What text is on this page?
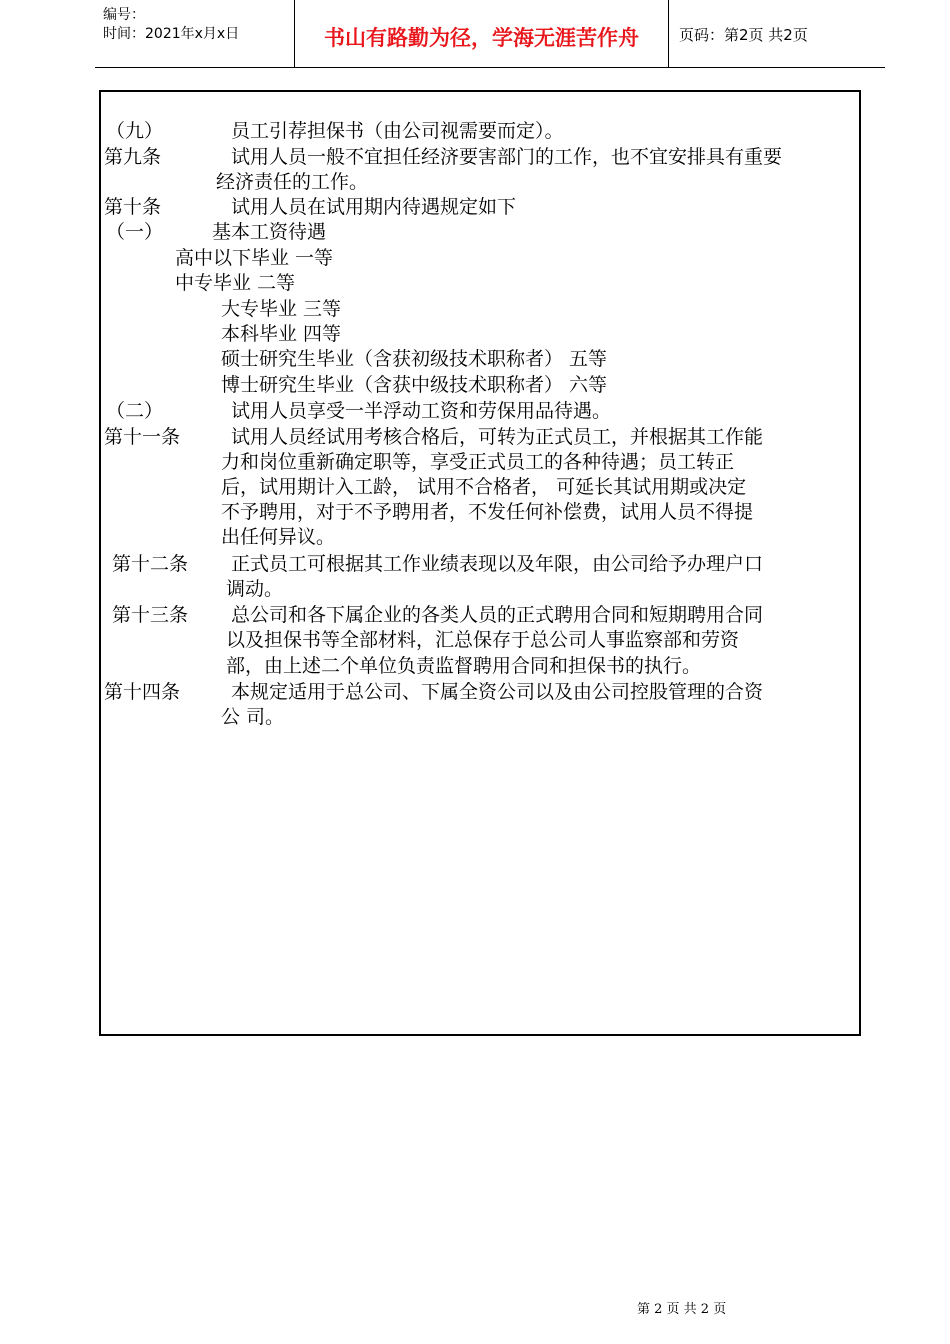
编号：
时间：2021年x月x日	书山有路勤为径，学海无涯苦作舟	页码：第2页 共2页
（九）	员工引荐担保书（由公司视需要而定）。
第九条	试用人员一般不宜担任经济要害部门的工作，也不宜安排具有重要
经济责任的工作。
第十条	试用人员在试用期内待遇规定如下
（一）	基本工资待遇
高中以下毕业 一等
中专毕业 二等
大专毕业 三等
本科毕业 四等
硕士研究生毕业（含获初级技术职称者） 五等
博士研究生毕业（含获中级技术职称者） 六等
（二）	试用人员享受一半浮动工资和劳保用品待遇。
第十一条	试用人员经试用考核合格后，可转为正式员工，并根据其工作能
力和岗位重新确定职等，享受正式员工的各种待遇；员工转正
后，试用期计入工龄， 试用不合格者， 可延长其试用期或决定
不予聘用，对于不予聘用者，不发任何补偿费，试用人员不得提
出任何异议。
第十二条 正式员工可根据其工作业绩表现以及年限，由公司给予办理户口
调动。
第十三条 总公司和各下属企业的各类人员的正式聘用合同和短期聘用合同
以及担保书等全部材料，汇总保存于总公司人事监察部和劳资
部，由上述二个单位负责监督聘用合同和担保书的执行。
第十四条	本规定适用于总公司、下属全资公司以及由公司控股管理的合资
公 司。
第 2 页 共 2 页
